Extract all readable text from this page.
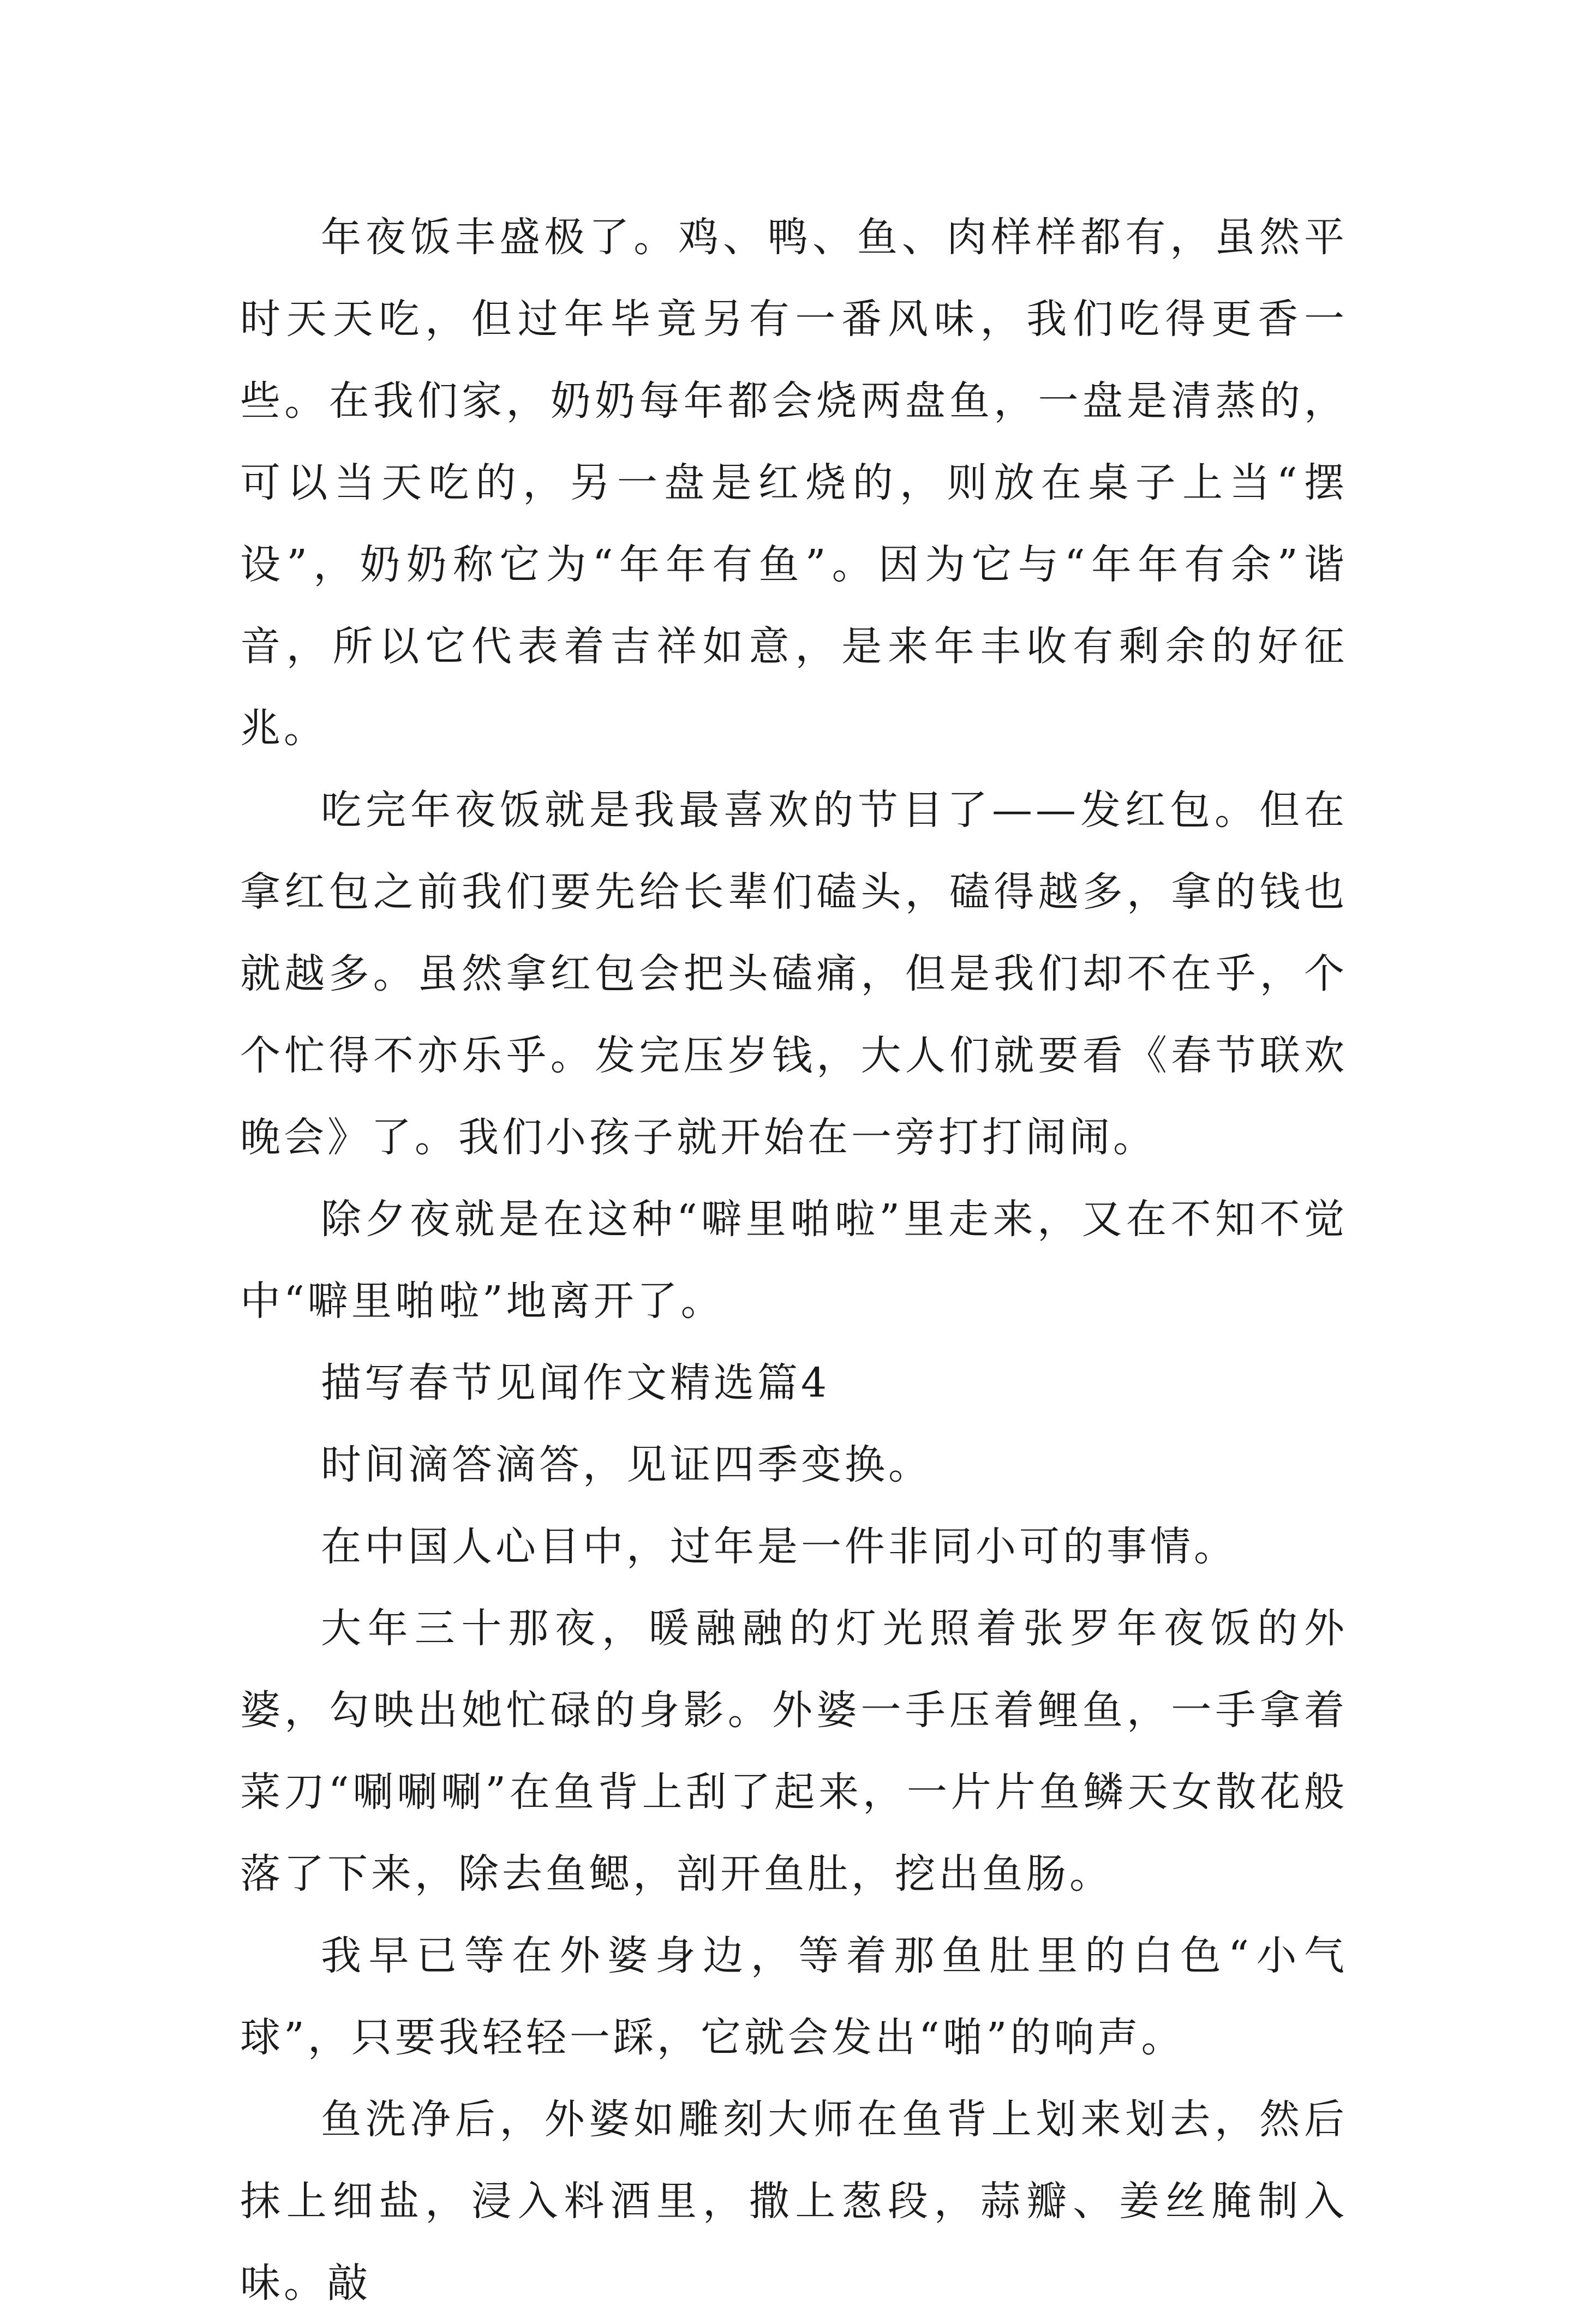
年夜饭丰盛极了。鸡、鸭、鱼、肉样样都有，虽然平时天天吃，但过年毕竟另有一番风味，我们吃得更香一些。在我们家，奶奶每年都会烧两盘鱼，一盘是清蒸的，可以当天吃的，另一盘是红烧的，则放在桌子上当“摆设”，奶奶称它为“年年有鱼”。因为它与“年年有余”谐音，所以它代表着吉祥如意，是来年丰收有剩余的好征兆。

吃完年夜饭就是我最喜欢的节目了——发红包。但在拿红包之前我们要先给长辈们磕头，磕得越多，拿的钱也就越多。虽然拿红包会把头磕痛，但是我们却不在乎，个个忙得不亦乐乎。发完压岁钱，大人们就要看《春节联欢晚会》了。我们小孩子就开始在一旁打打闹闹。

除夕夜就是在这种“噼里啪啦”里走来，又在不知不觉中“噼里啪啦”地离开了。

描写春节见闻作文精选篇4

时间滴答滴答，见证四季变换。

在中国人心目中，过年是一件非同小可的事情。

大年三十那夜，暖融融的灯光照着张罗年夜饭的外婆，勾映出她忙碌的身影。外婆一手压着鲤鱼，一手拿着菜刀“唰唰唰”在鱼背上刮了起来，一片片鱼鳞天女散花般落了下来，除去鱼鳃，剖开鱼肚，挖出鱼肠。

我早已等在外婆身边，等着那鱼肚里的白色“小气球”，只要我轻轻一踩，它就会发出“啪”的响声。

鱼洗净后，外婆如雕刻大师在鱼背上划来划去，然后抹上细盐，浸入料酒里，撒上葱段，蒜瓣、姜丝腌制入味。敲
